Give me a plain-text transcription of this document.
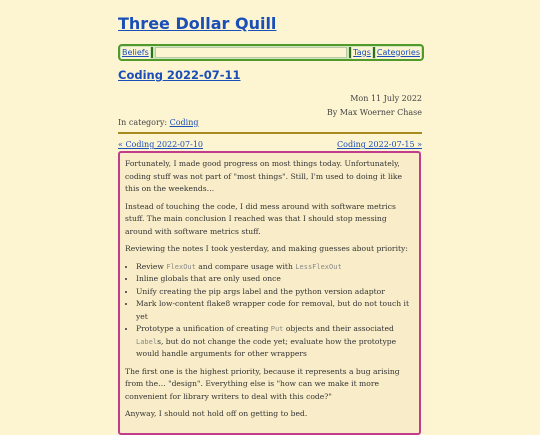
Three Dollar Quill
Beliefs	Tags Categories
Coding 2022-07-11
Mon 11 July 2022
By Max Woerner Chase
In category: Coding
« Coding 2022-07-10	Coding 2022-07-15 »

Fortunately, I made good progress on most things today. Unfortunately, coding stuff was not part of "most things". Still, I'm used to doing it like this on the weekends…

Instead of touching the code, I did mess around with software metrics stuff. The main conclusion I reached was that I should stop messing around with software metrics stuff.

Reviewing the notes I took yesterday, and making guesses about priority:

• Review FlexOut and compare usage with LessFlexOut
• Inline globals that are only used once
• Unify creating the pip args label and the python version adaptor
• Mark low-content flake8 wrapper code for removal, but do not touch it yet
• Prototype a unification of creating Put objects and their associated Labels, but do not change the code yet; evaluate how the prototype would handle arguments for other wrappers

The first one is the highest priority, because it represents a bug arising from the… "design". Everything else is "how can we make it more convenient for library writers to deal with this code?"

Anyway, I should not hold off on getting to bed.
